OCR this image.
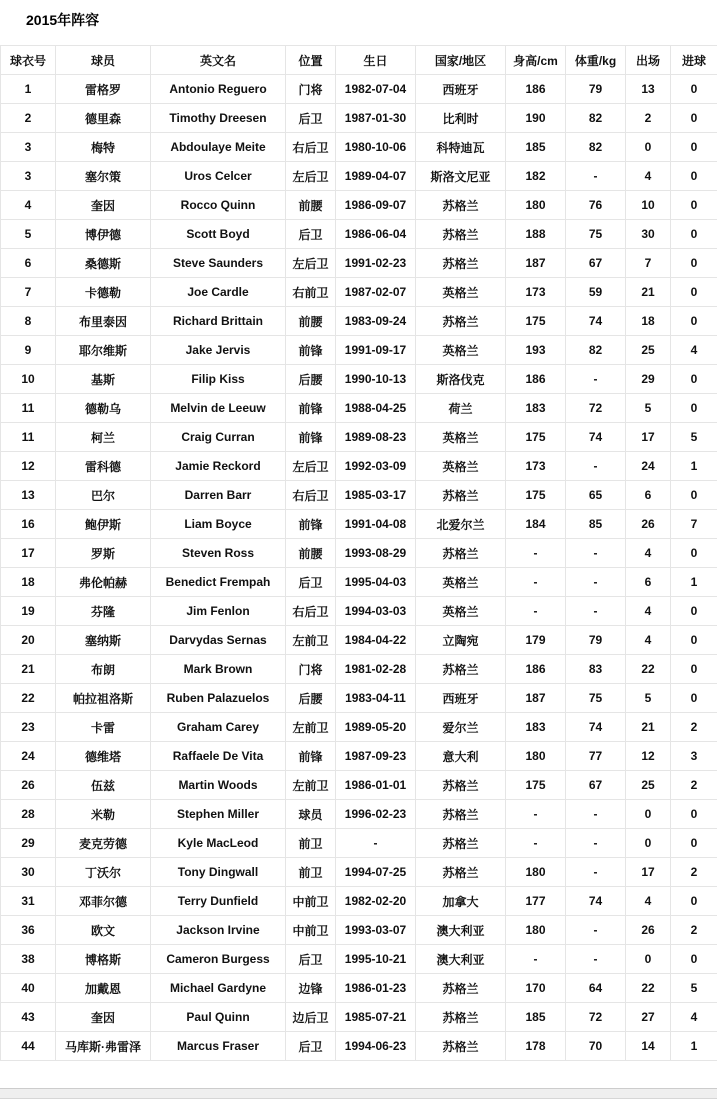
2015年阵容
球衣号	球员	英文名	位置	生日	国家/地区	身高/cm	体重/kg	出场	进球
1	雷格罗	Antonio Reguero	门将	1982-07-04	西班牙	186	79	13	0
2	德里森	Timothy Dreesen	后卫	1987-01-30	比利时	190	82	2	0
3	梅特	Abdoulaye Meite	右后卫	1980-10-06	科特迪瓦	185	82	0	0
3	塞尔策	Uros Celcer	左后卫	1989-04-07	斯洛文尼亚	182	-	4	0
4	奎因	Rocco Quinn	前腰	1986-09-07	苏格兰	180	76	10	0
5	博伊德	Scott Boyd	后卫	1986-06-04	苏格兰	188	75	30	0
6	桑德斯	Steve Saunders	左后卫	1991-02-23	苏格兰	187	67	7	0
7	卡德勒	Joe Cardle	右前卫	1987-02-07	英格兰	173	59	21	0
8	布里泰因	Richard Brittain	前腰	1983-09-24	苏格兰	175	74	18	0
9	耶尔维斯	Jake Jervis	前锋	1991-09-17	英格兰	193	82	25	4
10	基斯	Filip Kiss	后腰	1990-10-13	斯洛伐克	186	-	29	0
11	德勒乌	Melvin de Leeuw	前锋	1988-04-25	荷兰	183	72	5	0
11	柯兰	Craig Curran	前锋	1989-08-23	英格兰	175	74	17	5
12	雷科德	Jamie Reckord	左后卫	1992-03-09	英格兰	173	-	24	1
13	巴尔	Darren Barr	右后卫	1985-03-17	苏格兰	175	65	6	0
16	鲍伊斯	Liam Boyce	前锋	1991-04-08	北爱尔兰	184	85	26	7
17	罗斯	Steven Ross	前腰	1993-08-29	苏格兰	-	-	4	0
18	弗伦帕赫	Benedict Frempah	后卫	1995-04-03	英格兰	-	-	6	1
19	芬隆	Jim Fenlon	右后卫	1994-03-03	英格兰	-	-	4	0
20	塞纳斯	Darvydas Sernas	左前卫	1984-04-22	立陶宛	179	79	4	0
21	布朗	Mark Brown	门将	1981-02-28	苏格兰	186	83	22	0
22	帕拉祖洛斯	Ruben Palazuelos	后腰	1983-04-11	西班牙	187	75	5	0
23	卡雷	Graham Carey	左前卫	1989-05-20	爱尔兰	183	74	21	2
24	德维塔	Raffaele De Vita	前锋	1987-09-23	意大利	180	77	12	3
26	伍兹	Martin Woods	左前卫	1986-01-01	苏格兰	175	67	25	2
28	米勒	Stephen Miller	球员	1996-02-23	苏格兰	-	-	0	0
29	麦克劳德	Kyle MacLeod	前卫	-	苏格兰	-	-	0	0
30	丁沃尔	Tony Dingwall	前卫	1994-07-25	苏格兰	180	-	17	2
31	邓菲尔德	Terry Dunfield	中前卫	1982-02-20	加拿大	177	74	4	0
36	欧文	Jackson Irvine	中前卫	1993-03-07	澳大利亚	180	-	26	2
38	博格斯	Cameron Burgess	后卫	1995-10-21	澳大利亚	-	-	0	0
40	加戴恩	Michael Gardyne	边锋	1986-01-23	苏格兰	170	64	22	5
43	奎因	Paul Quinn	边后卫	1985-07-21	苏格兰	185	72	27	4
44	马库斯·弗雷泽	Marcus Fraser	后卫	1994-06-23	苏格兰	178	70	14	1
